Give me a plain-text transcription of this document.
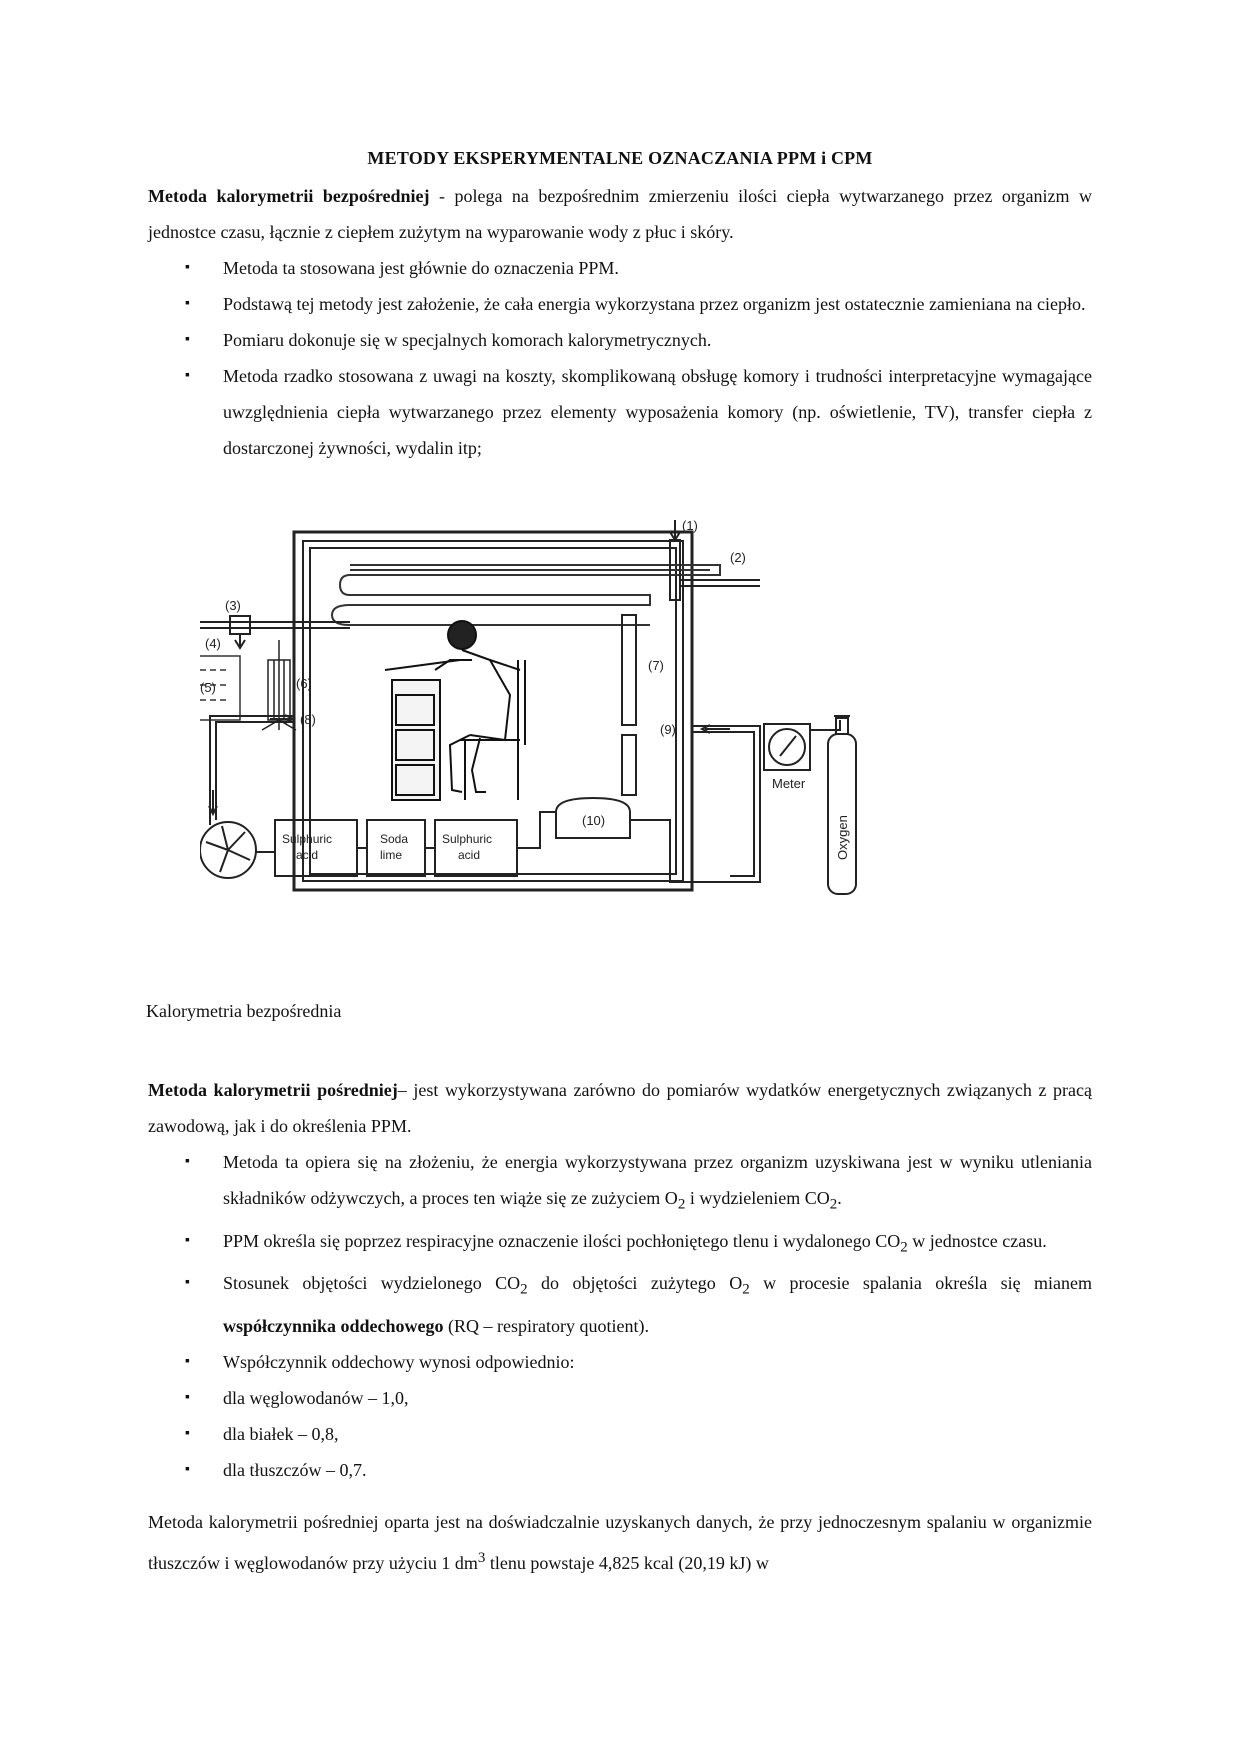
METODY EKSPERYMENTALNE OZNACZANIA PPM i CPM

Metoda kalorymetrii bezpośredniej - polega na bezpośrednim zmierzeniu ilości ciepła wytwarzanego przez organizm w jednostce czasu, łącznie z ciepłem zużytym na wyparowanie wody z płuc i skóry.

▪ Metoda ta stosowana jest głównie do oznaczenia PPM.
▪ Podstawą tej metody jest założenie, że cała energia wykorzystana przez organizm jest ostatecznie zamieniana na ciepło.
▪ Pomiaru dokonuje się w specjalnych komorach kalorymetrycznych.
▪ Metoda rzadko stosowana z uwagi na koszty, skomplikowaną obsługę komory i trudności interpretacyjne wymagające uwzględnienia ciepła wytwarzanego przez elementy wyposażenia komory (np. oświetlenie, TV), transfer ciepła z dostarczonej żywności, wydalin itp;
(1)
(2)
(3)
(4)
(5)	(6)
(7)
(8)
(9)
Meter
Oxygen
(10)
Sulphuric
acid
Soda
lime
Sulphuric
acid
Kalorymetria bezpośrednia

Metoda kalorymetrii pośredniej– jest wykorzystywana zarówno do pomiarów wydatków energetycznych związanych z pracą zawodową, jak i do określenia PPM.

▪ Metoda ta opiera się na złożeniu, że energia wykorzystywana przez organizm uzyskiwana jest w wyniku utleniania składników odżywczych, a proces ten wiąże się ze zużyciem $O_2$ i wydzieleniem $CO_2$.
▪ PPM określa się poprzez respiracyjne oznaczenie ilości pochłoniętego tlenu i wydalonego $CO_2$ w jednostce czasu.
▪ Stosunek objętości wydzielonego $CO_2$ do objętości zużytego $O_2$ w procesie spalania określa się mianem współczynnika oddechowego (RQ – respiratory quotient).
▪ Współczynnik oddechowy wynosi odpowiednio:
▪ dla węglowodanów – 1,0,
▪ dla białek – 0,8,
▪ dla tłuszczów – 0,7.

Metoda kalorymetrii pośredniej oparta jest na doświadczalnie uzyskanych danych, że przy jednoczesnym spalaniu w organizmie tłuszczów i węglowodanów przy użyciu 1 $dm^3$ tlenu powstaje 4,825 kcal (20,19 kJ) w
